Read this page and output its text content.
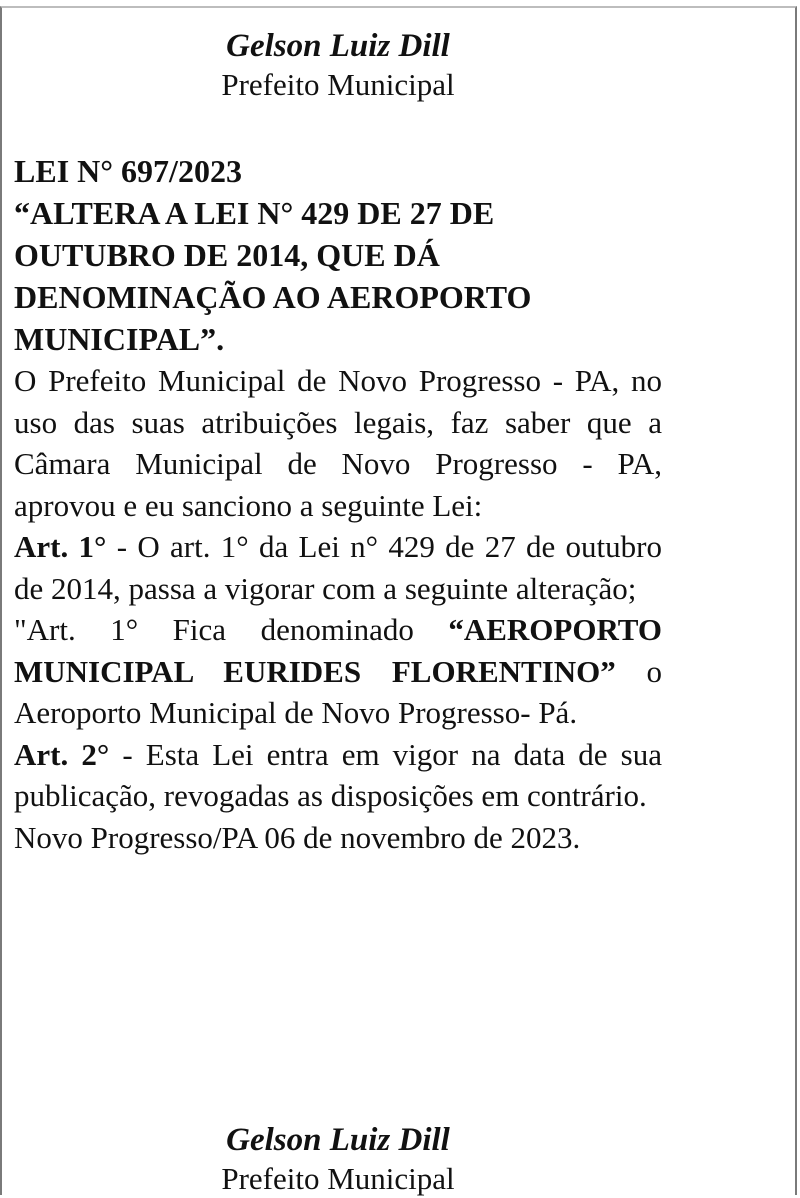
Gelson Luiz Dill
Prefeito Municipal

LEI N° 697/2023

“ALTERA A LEI N° 429 DE 27 DE OUTUBRO DE 2014, QUE DÁ DENOMINAÇÃO AO AEROPORTO MUNICIPAL”.

O Prefeito Municipal de Novo Progresso - PA, no uso das suas atribuições legais, faz saber que a Câmara Municipal de Novo Progresso - PA, aprovou e eu sanciono a seguinte Lei:

Art. 1° - O art. 1° da Lei n° 429 de 27 de outubro de 2014, passa a vigorar com a seguinte alteração;

"Art. 1° Fica denominado “AEROPORTO MUNICIPAL EURIDES FLORENTINO” o Aeroporto Municipal de Novo Progresso- Pá.

Art. 2° - Esta Lei entra em vigor na data de sua publicação, revogadas as disposições em contrário.

Novo Progresso/PA 06 de novembro de 2023.

Gelson Luiz Dill
Prefeito Municipal
